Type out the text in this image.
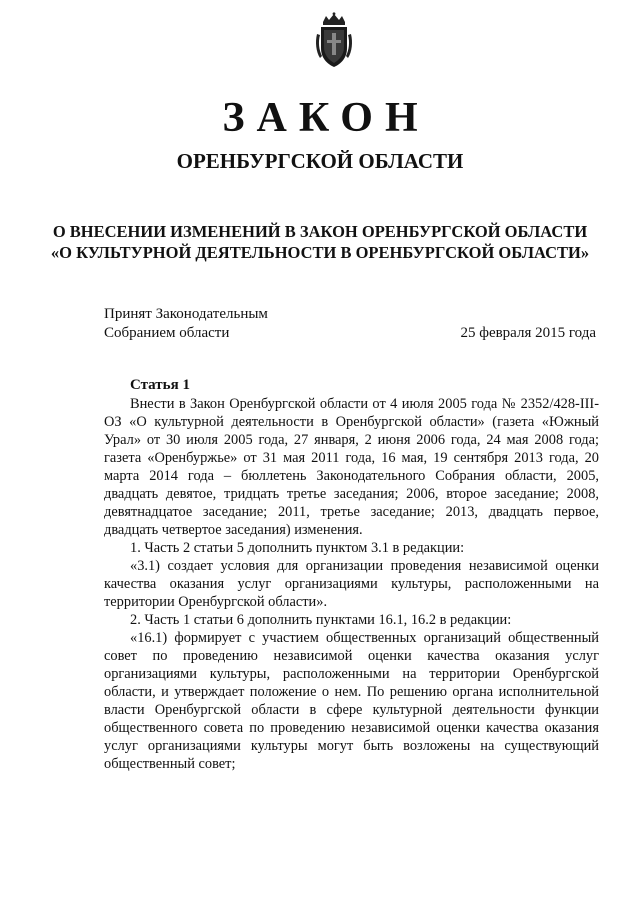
ЗАКОН
ОРЕНБУРГСКОЙ ОБЛАСТИ
О ВНЕСЕНИИ ИЗМЕНЕНИЙ В ЗАКОН ОРЕНБУРГСКОЙ ОБЛАСТИ
«О КУЛЬТУРНОЙ ДЕЯТЕЛЬНОСТИ В ОРЕНБУРГСКОЙ ОБЛАСТИ»
Принят Законодательным
Собранием области	25 февраля 2015 года
Статья 1

Внести в Закон Оренбургской области от 4 июля 2005 года № 2352/428-III-ОЗ «О культурной деятельности в Оренбургской области» (газета «Южный Урал» от 30 июля 2005 года, 27 января, 2 июня 2006 года, 24 мая 2008 года; газета «Оренбуржье» от 31 мая 2011 года, 16 мая, 19 сентября 2013 года, 20 марта 2014 года – бюллетень Законодательного Собрания области, 2005, двадцать девятое, тридцать третье заседания; 2006, второе заседание; 2008, девятнадцатое заседание; 2011, третье заседание; 2013, двадцать первое, двадцать четвертое заседания) изменения.

1. Часть 2 статьи 5 дополнить пунктом 3.1 в редакции:

«3.1) создает условия для организации проведения независимой оценки качества оказания услуг организациями культуры, расположенными на территории Оренбургской области».

2. Часть 1 статьи 6 дополнить пунктами 16.1, 16.2 в редакции:

«16.1) формирует с участием общественных организаций общественный совет по проведению независимой оценки качества оказания услуг организациями культуры, расположенными на территории Оренбургской области, и утверждает положение о нем. По решению органа исполнительной власти Оренбургской области в сфере культурной деятельности функции общественного совета по проведению независимой оценки качества оказания услуг организациями культуры могут быть возложены на существующий общественный совет;
